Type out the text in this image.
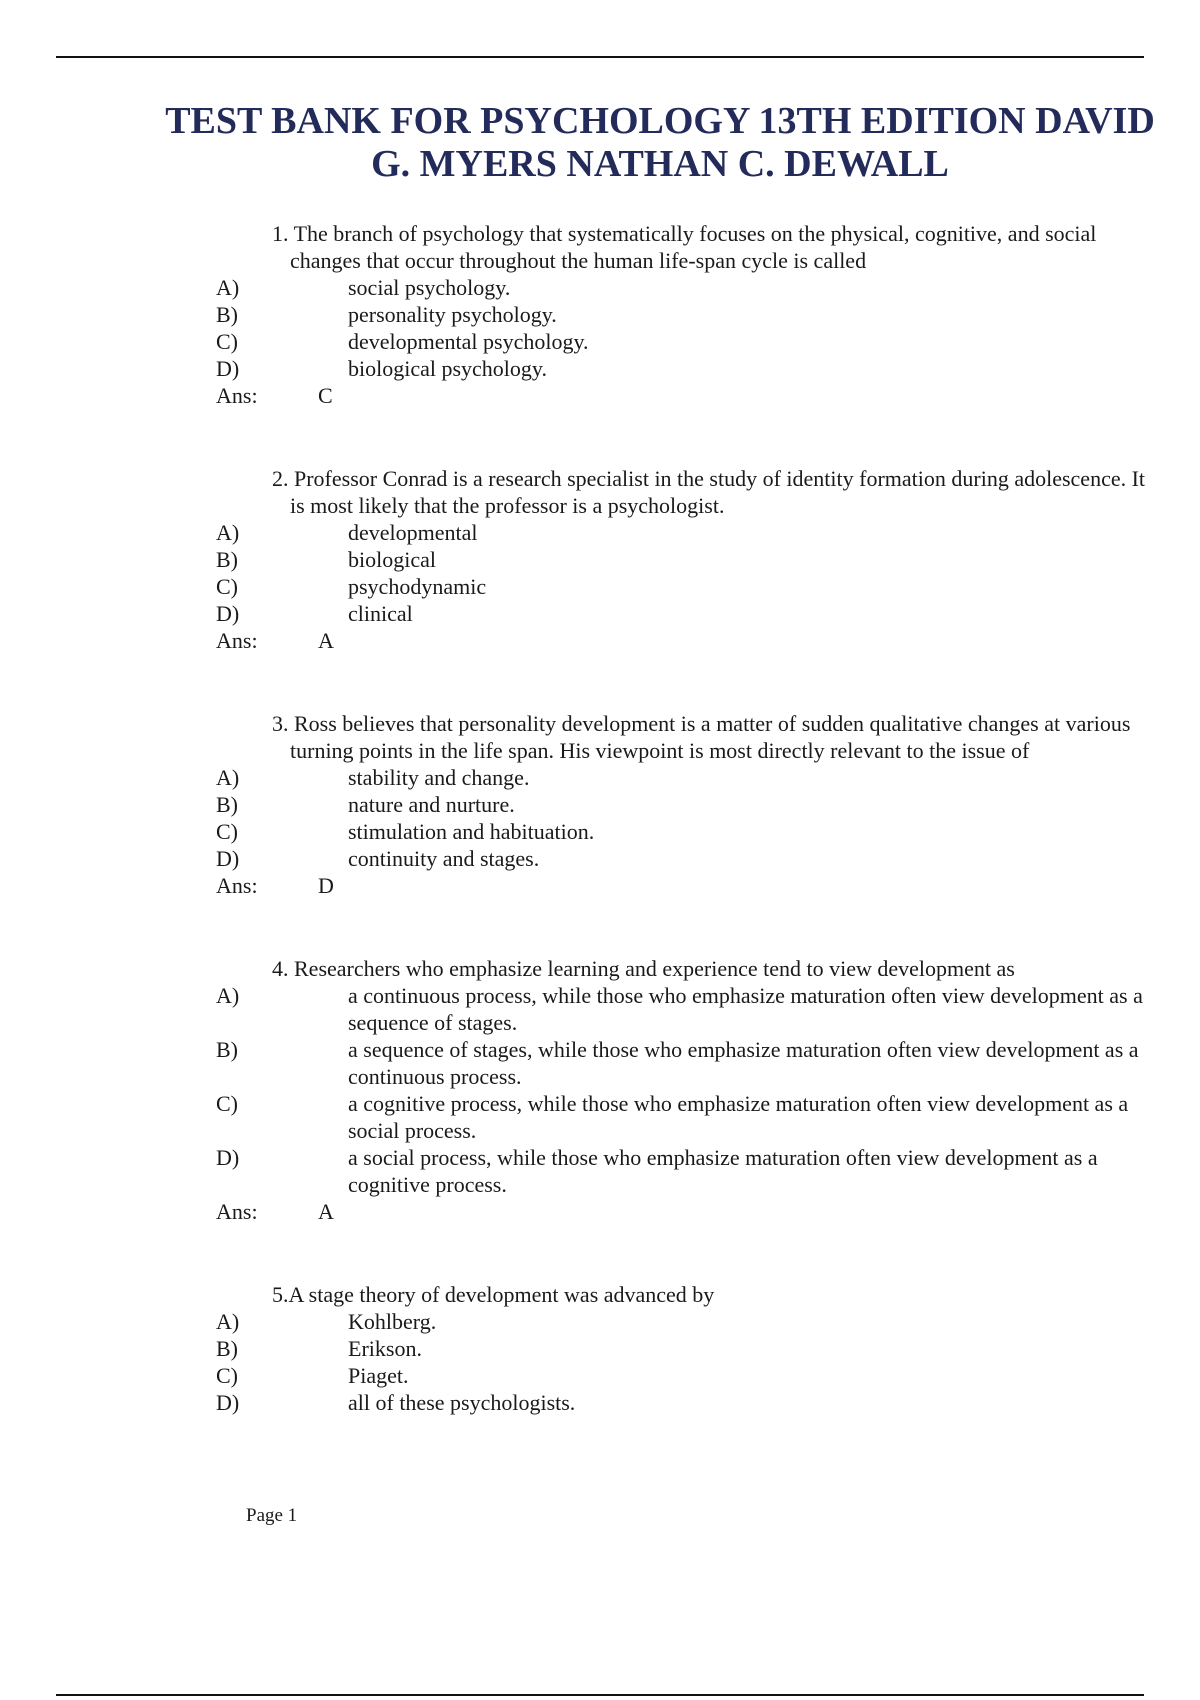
TEST BANK FOR PSYCHOLOGY 13TH EDITION DAVID G. MYERS NATHAN C. DEWALL
1. The branch of psychology that systematically focuses on the physical, cognitive, and social changes that occur throughout the human life-span cycle is called
A)	social psychology.
B)	personality psychology.
C)	developmental psychology.
D)	biological psychology.
Ans:	C
2. Professor Conrad is a research specialist in the study of identity formation during adolescence. It is most likely that the professor is a psychologist.
A)	developmental
B)	biological
C)	psychodynamic
D)	clinical
Ans:	A
3. Ross believes that personality development is a matter of sudden qualitative changes at various turning points in the life span. His viewpoint is most directly relevant to the issue of
A)	stability and change.
B)	nature and nurture.
C)	stimulation and habituation.
D)	continuity and stages.
Ans:	D
4. Researchers who emphasize learning and experience tend to view development as
A)	a continuous process, while those who emphasize maturation often view development as a sequence of stages.
B)	a sequence of stages, while those who emphasize maturation often view development as a continuous process.
C)	a cognitive process, while those who emphasize maturation often view development as a social process.
D)	a social process, while those who emphasize maturation often view development as a cognitive process.
Ans:	A
5.A stage theory of development was advanced by
A)	Kohlberg.
B)	Erikson.
C)	Piaget.
D)	all of these psychologists.
Page 1
